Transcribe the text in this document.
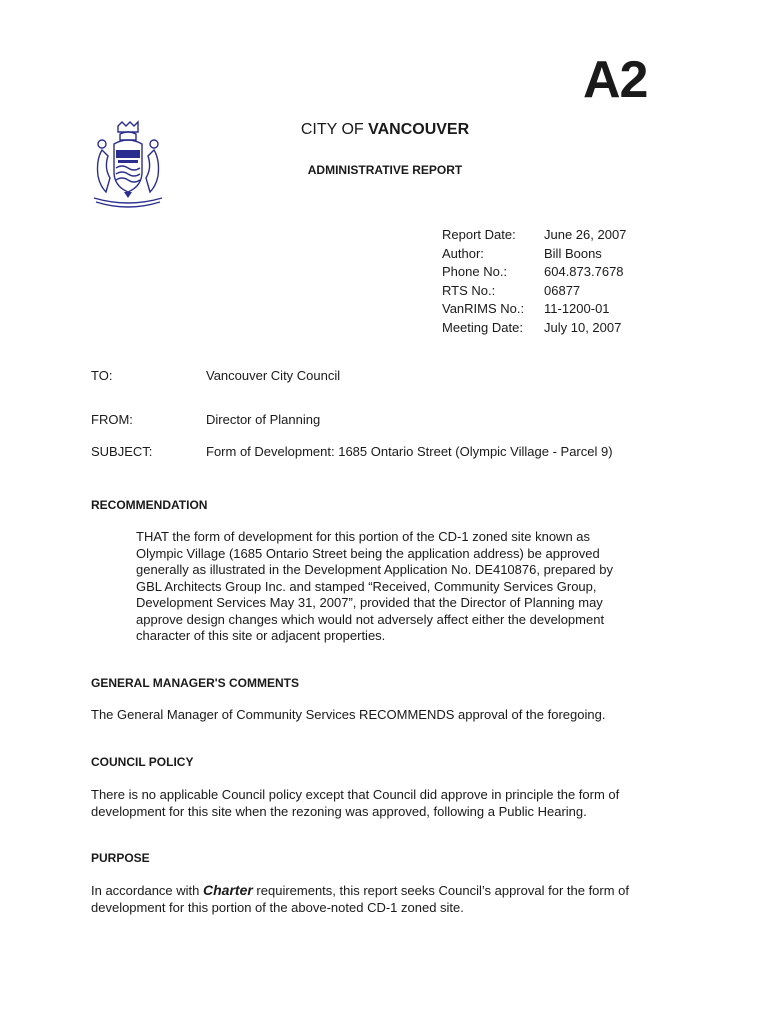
A2
CITY OF VANCOUVER
ADMINISTRATIVE REPORT
Report Date: June 26, 2007
Author:	Bill Boons
Phone No.:	604.873.7678
RTS No.:	06877
VanRIMS No.: 11-1200-01
Meeting Date: July 10, 2007
TO:	Vancouver City Council
FROM:	Director of Planning
SUBJECT:	Form of Development: 1685 Ontario Street (Olympic Village - Parcel 9)
RECOMMENDATION
THAT the form of development for this portion of the CD-1 zoned site known as
Olympic Village (1685 Ontario Street being the application address) be approved
generally as illustrated in the Development Application No. DE410876, prepared by
GBL Architects Group Inc. and stamped “Received, Community Services Group,
Development Services May 31, 2007”, provided that the Director of Planning may
approve design changes which would not adversely affect either the development
character of this site or adjacent properties.
GENERAL MANAGER'S COMMENTS
The General Manager of Community Services RECOMMENDS approval of the foregoing.
COUNCIL POLICY
There is no applicable Council policy except that Council did approve in principle the form of
development for this site when the rezoning was approved, following a Public Hearing.
PURPOSE
In accordance with Charter requirements, this report seeks Council’s approval for the form of
development for this portion of the above-noted CD-1 zoned site.
